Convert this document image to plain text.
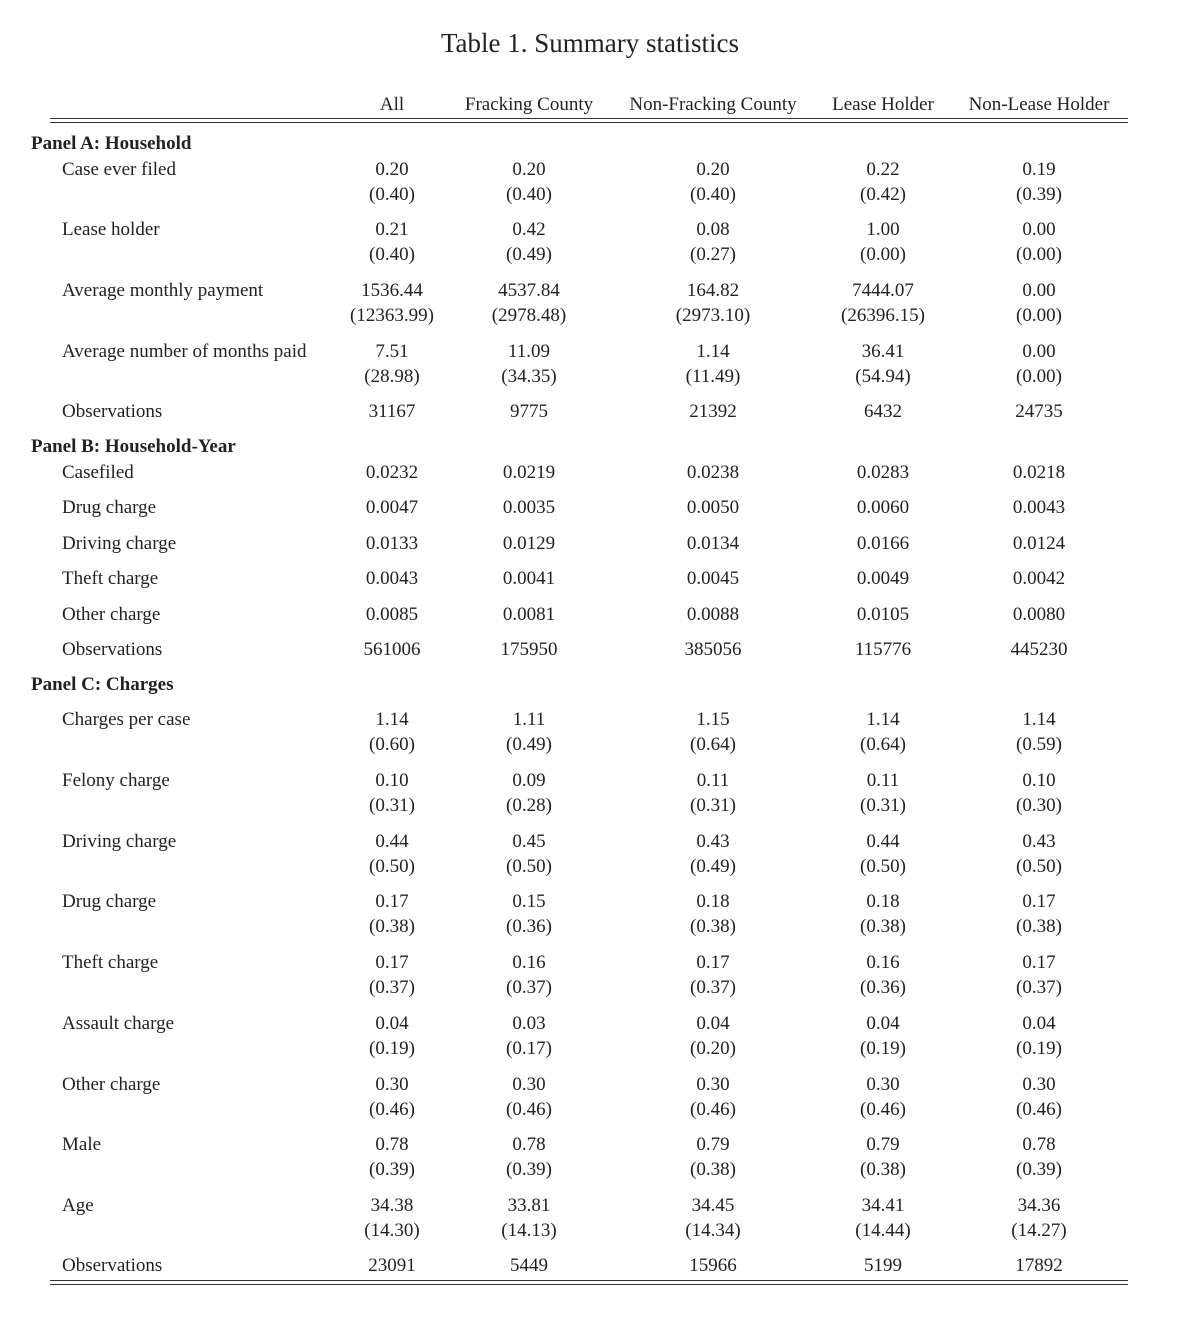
Table 1. Summary statistics
All	Fracking County	Non-Fracking County	Lease Holder	Non-Lease Holder
Panel A: Household
Case ever filed	0.20	0.20	0.20	0.22	0.19
(0.40)	(0.40)	(0.40)	(0.42)	(0.39)
Lease holder	0.21	0.42	0.08	1.00	0.00
(0.40)	(0.49)	(0.27)	(0.00)	(0.00)
Average monthly payment	1536.44	4537.84	164.82	7444.07	0.00
(12363.99)	(2978.48)	(2973.10)	(26396.15)	(0.00)
Average number of months paid	7.51	11.09	1.14	36.41	0.00
(28.98)	(34.35)	(11.49)	(54.94)	(0.00)
Observations	31167	9775	21392	6432	24735
Panel B: Household-Year
Casefiled	0.0232	0.0219	0.0238	0.0283	0.0218
Drug charge	0.0047	0.0035	0.0050	0.0060	0.0043
Driving charge	0.0133	0.0129	0.0134	0.0166	0.0124
Theft charge	0.0043	0.0041	0.0045	0.0049	0.0042
Other charge	0.0085	0.0081	0.0088	0.0105	0.0080
Observations	561006	175950	385056	115776	445230
Panel C: Charges
Charges per case	1.14	1.11	1.15	1.14	1.14
(0.60)	(0.49)	(0.64)	(0.64)	(0.59)
Felony charge	0.10	0.09	0.11	0.11	0.10
(0.31)	(0.28)	(0.31)	(0.31)	(0.30)
Driving charge	0.44	0.45	0.43	0.44	0.43
(0.50)	(0.50)	(0.49)	(0.50)	(0.50)
Drug charge	0.17	0.15	0.18	0.18	0.17
(0.38)	(0.36)	(0.38)	(0.38)	(0.38)
Theft charge	0.17	0.16	0.17	0.16	0.17
(0.37)	(0.37)	(0.37)	(0.36)	(0.37)
Assault charge	0.04	0.03	0.04	0.04	0.04
(0.19)	(0.17)	(0.20)	(0.19)	(0.19)
Other charge	0.30	0.30	0.30	0.30	0.30
(0.46)	(0.46)	(0.46)	(0.46)	(0.46)
Male	0.78	0.78	0.79	0.79	0.78
(0.39)	(0.39)	(0.38)	(0.38)	(0.39)
Age	34.38	33.81	34.45	34.41	34.36
(14.30)	(14.13)	(14.34)	(14.44)	(14.27)
Observations	23091	5449	15966	5199	17892
